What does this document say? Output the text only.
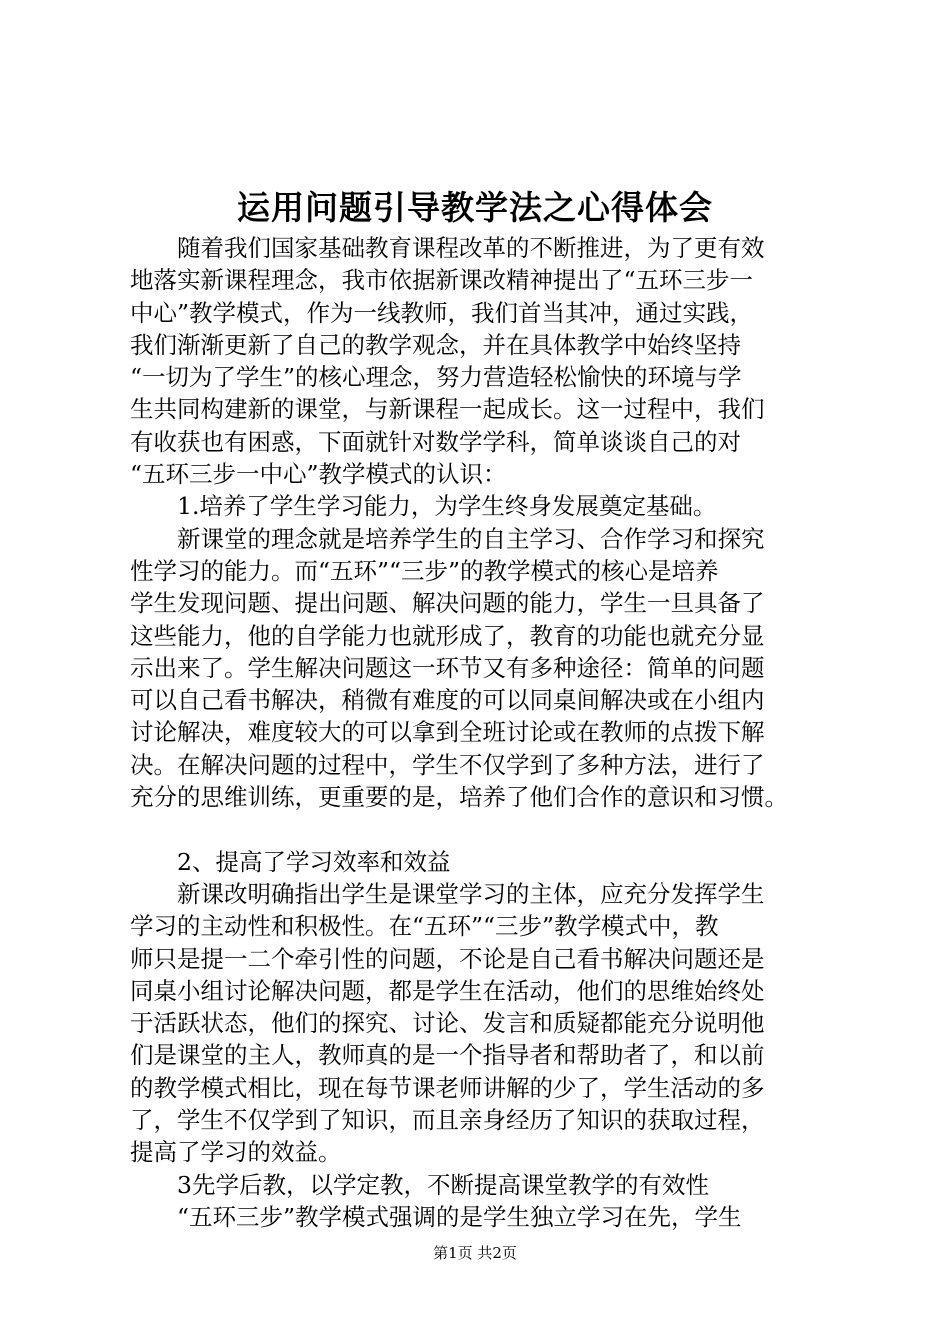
运用问题引导教学法之心得体会
随着我们国家基础教育课程改革的不断推进，为了更有效
地落实新课程理念，我市依据新课改精神提出了“五环三步一
中心”教学模式，作为一线教师，我们首当其冲，通过实践，
我们渐渐更新了自己的教学观念，并在具体教学中始终坚持
“一切为了学生”的核心理念，努力营造轻松愉快的环境与学
生共同构建新的课堂，与新课程一起成长。这一过程中，我们
有收获也有困惑，下面就针对数学学科，简单谈谈自己的对
“五环三步一中心”教学模式的认识：
1.培养了学生学习能力，为学生终身发展奠定基础。
新课堂的理念就是培养学生的自主学习、合作学习和探究
性学习的能力。而“五环”“三步”的教学模式的核心是培养
学生发现问题、提出问题、解决问题的能力，学生一旦具备了
这些能力，他的自学能力也就形成了，教育的功能也就充分显
示出来了。学生解决问题这一环节又有多种途径：简单的问题
可以自己看书解决，稍微有难度的可以同桌间解决或在小组内
讨论解决，难度较大的可以拿到全班讨论或在教师的点拨下解
决。在解决问题的过程中，学生不仅学到了多种方法，进行了
充分的思维训练，更重要的是，培养了他们合作的意识和习惯。
2、提高了学习效率和效益
新课改明确指出学生是课堂学习的主体，应充分发挥学生
学习的主动性和积极性。在“五环”“三步”教学模式中，教
师只是提一二个牵引性的问题，不论是自己看书解决问题还是
同桌小组讨论解决问题，都是学生在活动，他们的思维始终处
于活跃状态，他们的探究、讨论、发言和质疑都能充分说明他
们是课堂的主人，教师真的是一个指导者和帮助者了，和以前
的教学模式相比，现在每节课老师讲解的少了，学生活动的多
了，学生不仅学到了知识，而且亲身经历了知识的获取过程，
提高了学习的效益。
3先学后教，以学定教，不断提高课堂教学的有效性
“五环三步”教学模式强调的是学生独立学习在先，学生
第1页 共2页
